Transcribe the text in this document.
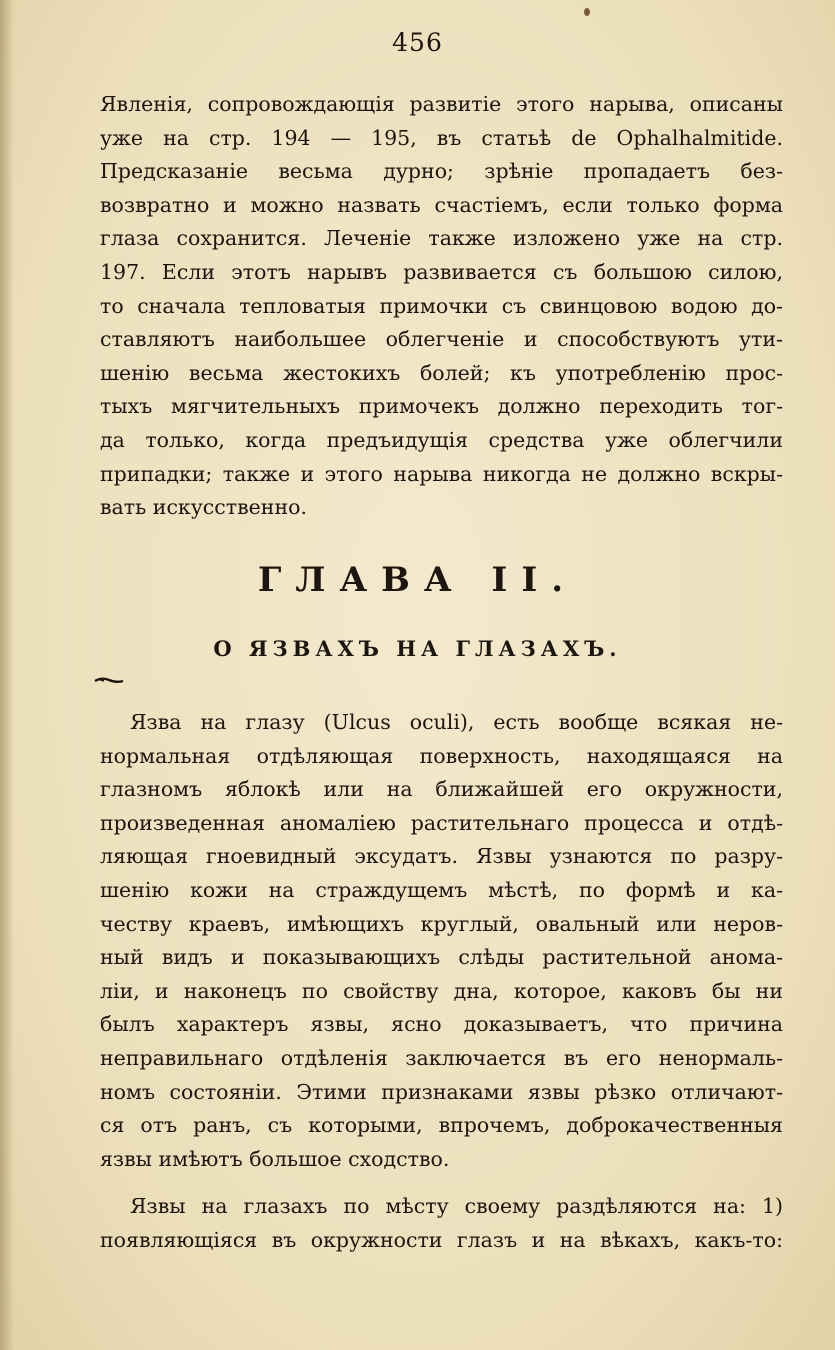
456
Явленія, сопровождающія развитіе этого нарыва, описаны
уже на стр. 194 — 195, въ статьѣ de Ophalhalmitide.
Предсказаніе весьма дурно; зрѣніе пропадаетъ без-
возвратно и можно назвать счастіемъ, если только форма
глаза сохранится. Леченіе также изложено уже на стр.
197. Если этотъ нарывъ развивается съ большою силою,
то сначала тепловатыя примочки съ свинцовою водою до-
ставляютъ наибольшее облегченіе и способствуютъ ути-
шенію весьма жестокихъ болей; къ употребленію прос-
тыхъ мягчительныхъ примочекъ должно переходить тог-
да только, когда предъидущія средства уже облегчили
припадки; также и этого нарыва никогда не должно вскры-
вать искусственно.
ГЛАВА II.
О ЯЗВАХЪ НА ГЛАЗАХЪ.
Язва на глазу (Ulcus oculi), есть вообще всякая не-
нормальная отдѣляющая поверхность, находящаяся на
глазномъ яблокѣ или на ближайшей его окружности,
произведенная аномаліею растительнаго процесса и отдѣ-
ляющая гноевидный эксудатъ. Язвы узнаются по разру-
шенію кожи на страждущемъ мѣстѣ, по формѣ и ка-
честву краевъ, имѣющихъ круглый, овальный или неров-
ный видъ и показывающихъ слѣды растительной анома-
ліи, и наконецъ по свойству дна, которое, каковъ бы ни
былъ характеръ язвы, ясно доказываетъ, что причина
неправильнаго отдѣленія заключается въ его ненормаль-
номъ состояніи. Этими признаками язвы рѣзко отличают-
ся отъ ранъ, съ которыми, впрочемъ, доброкачественныя
язвы имѣютъ большое сходство.
Язвы на глазахъ по мѣсту своему раздѣляются на: 1)
появляющіяся въ окружности глазъ и на вѣкахъ, какъ-то:
